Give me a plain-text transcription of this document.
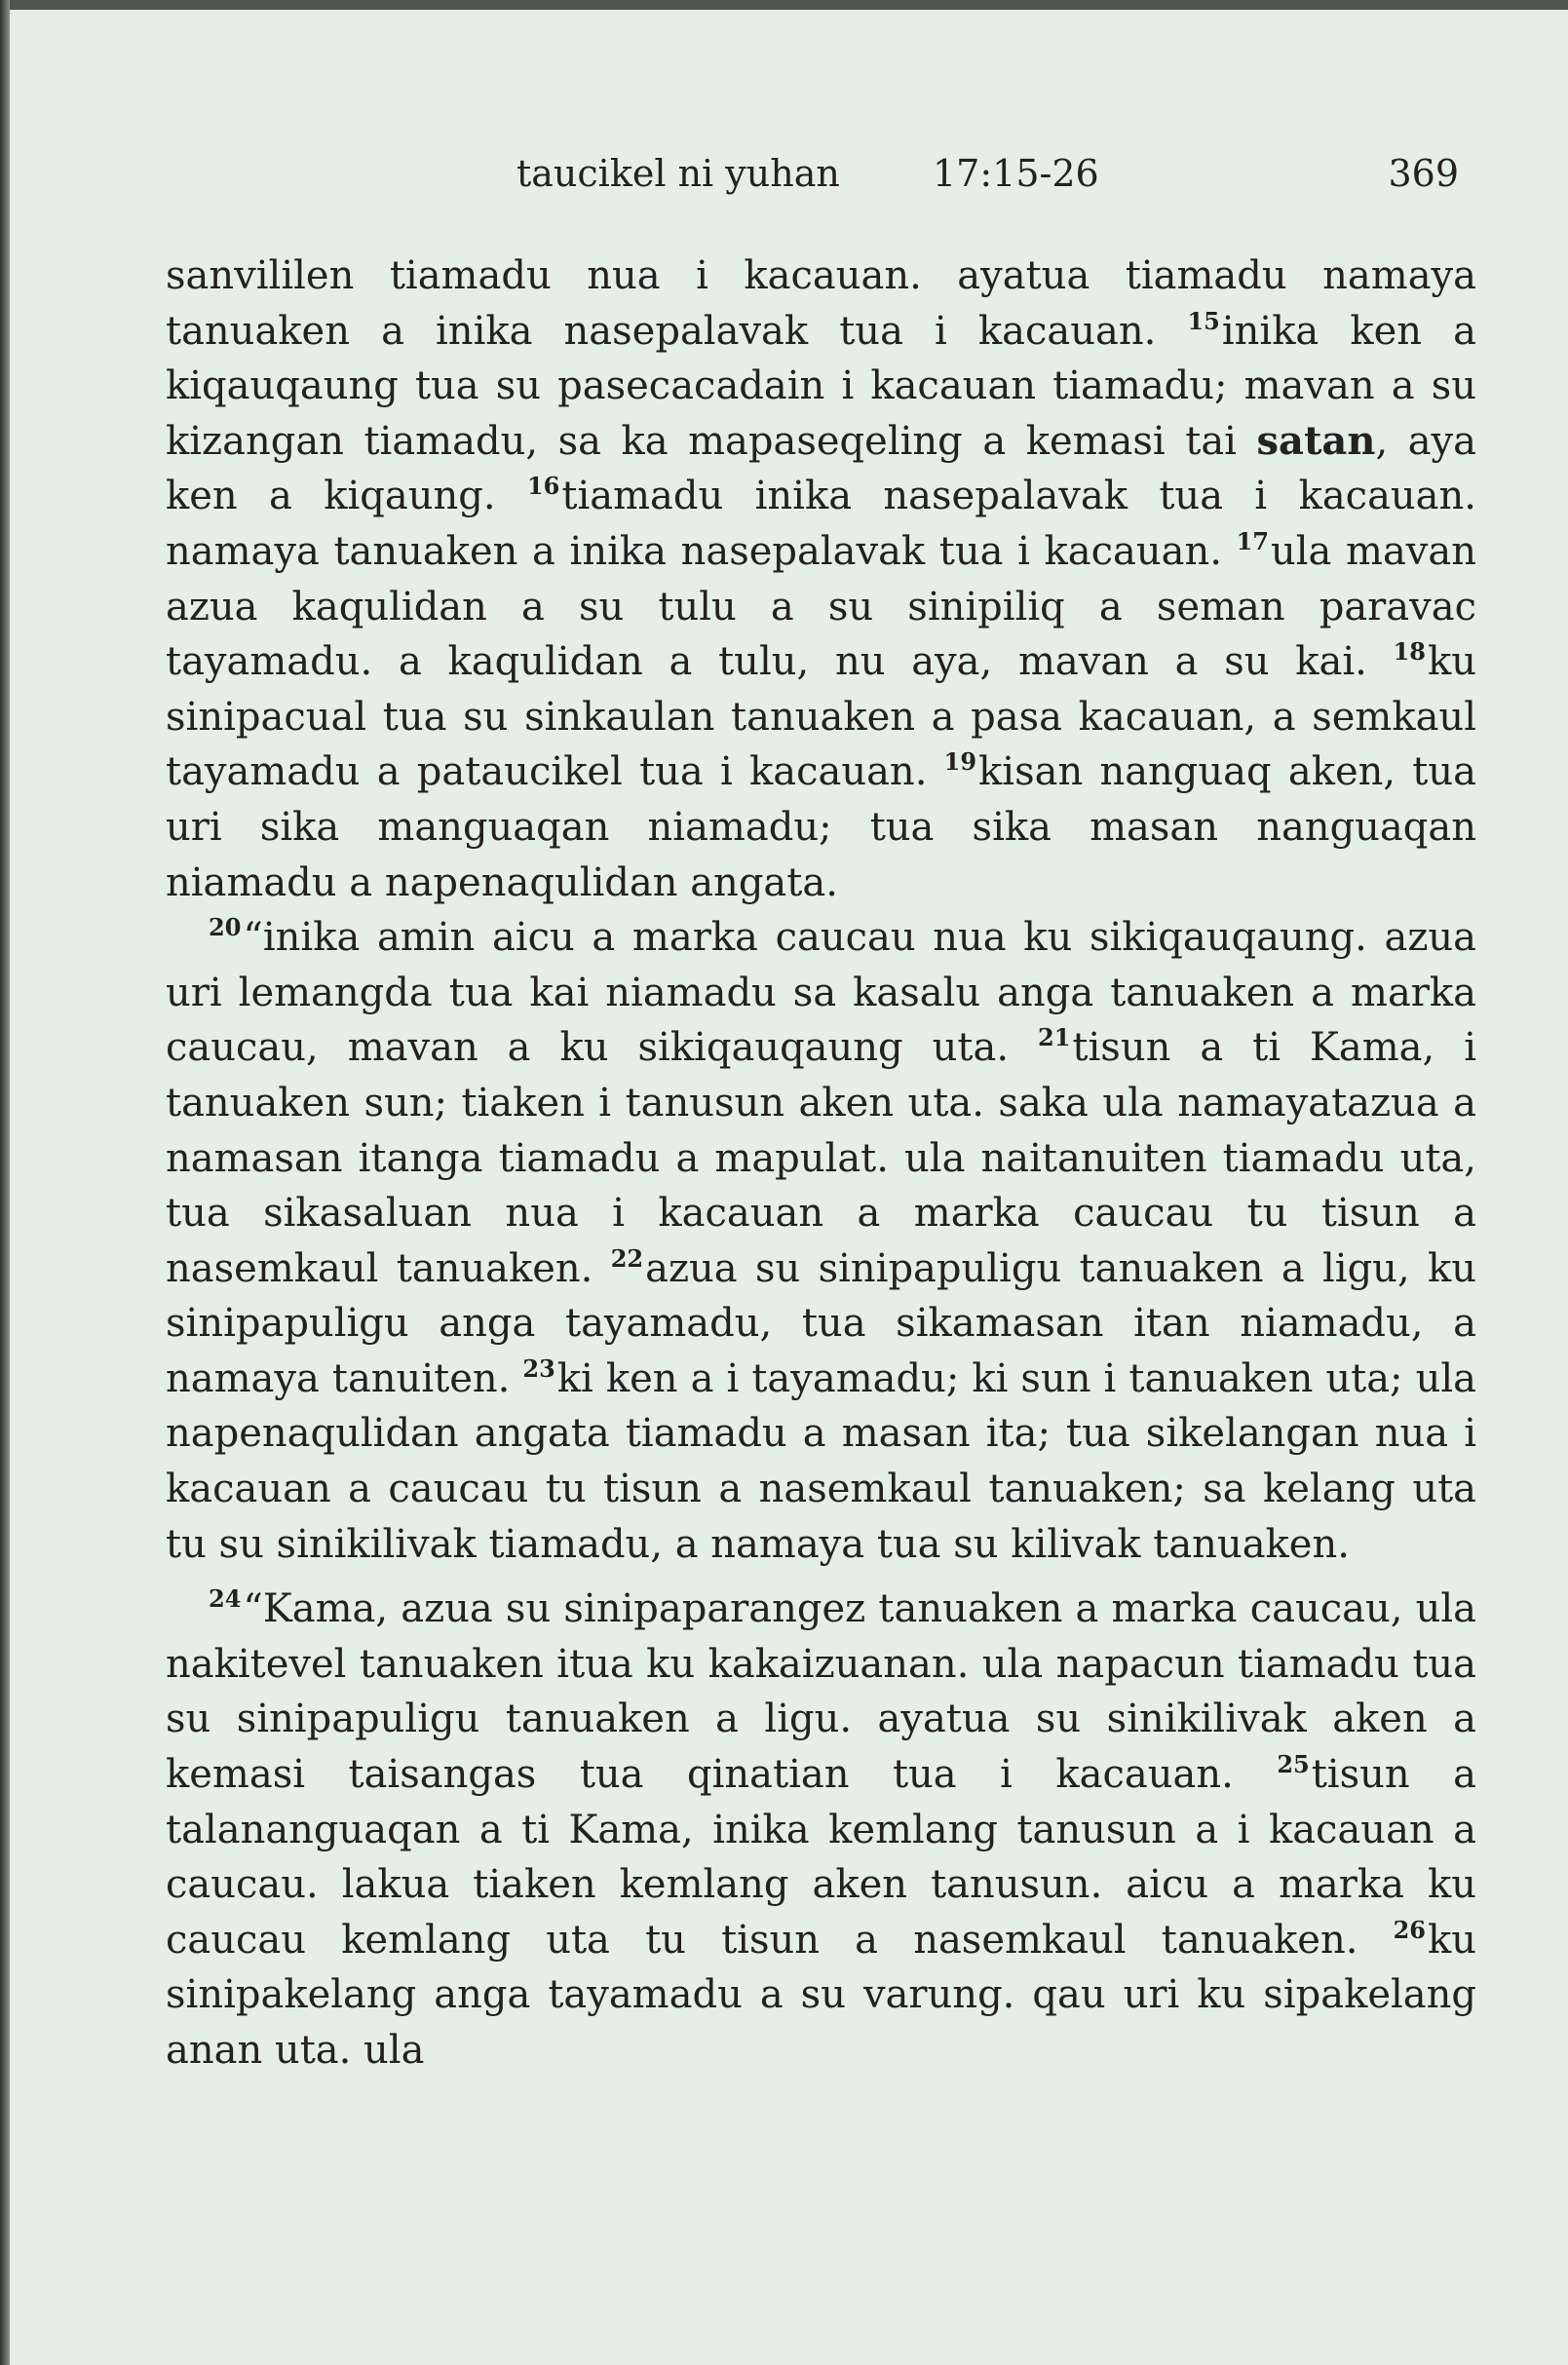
taucikel ni yuhan	17:15-26	369

sanvililen tiamadu nua i kacauan. ayatua tiamadu namaya tanuaken a inika nasepalavak tua i kacauan. $^{15}$inika ken a kiqauqaung tua su pasecacadain i kacauan tiamadu; mavan a su kizangan tiamadu, sa ka mapaseqeling a kemasi tai satan, aya ken a kiqaung. $^{16}$tiamadu inika nasepalavak tua i kacauan. namaya tanuaken a inika nasepalavak tua i kacauan. $^{17}$ula mavan azua kaqulidan a su tulu a su sinipiliq a seman paravac tayamadu. a kaqulidan a tulu, nu aya, mavan a su kai. $^{18}$ku sinipacual tua su sinkaulan tanuaken a pasa kacauan, a semkaul tayamadu a pataucikel tua i kacauan. $^{19}$kisan nanguaq aken, tua uri sika manguaqan niamadu; tua sika masan nanguaqan niamadu a napenaqulidan angata.

$^{20}$“inika amin aicu a marka caucau nua ku sikiqauqaung. azua uri lemangda tua kai niamadu sa kasalu anga tanuaken a marka caucau, mavan a ku sikiqauqaung uta. $^{21}$tisun a ti Kama, i tanuaken sun; tiaken i tanusun aken uta. saka ula namayatazua a namasan itanga tiamadu a mapulat. ula naitanuiten tiamadu uta, tua sikasaluan nua i kacauan a marka caucau tu tisun a nasemkaul tanuaken. $^{22}$azua su sinipapuligu tanuaken a ligu, ku sinipapuligu anga tayamadu, tua sikamasan itan niamadu, a namaya tanuiten. $^{23}$ki ken a i tayamadu; ki sun i tanuaken uta; ula napenaqulidan angata tiamadu a masan ita; tua sikelangan nua i kacauan a caucau tu tisun a nasemkaul tanuaken; sa kelang uta tu su sinikilivak tiamadu, a namaya tua su kilivak tanuaken.

$^{24}$“Kama, azua su sinipaparangez tanuaken a marka caucau, ula nakitevel tanuaken itua ku kakaizuanan. ula napacun tiamadu tua su sinipapuligu tanuaken a ligu. ayatua su sinikilivak aken a kemasi taisangas tua qinatian tua i kacauan. $^{25}$tisun a talananguaqan a ti Kama, inika kemlang tanusun a i kacauan a caucau. lakua tiaken kemlang aken tanusun. aicu a marka ku caucau kemlang uta tu tisun a nasemkaul tanuaken. $^{26}$ku sinipakelang anga tayamadu a su varung. qau uri ku sipakelang anan uta. ula
